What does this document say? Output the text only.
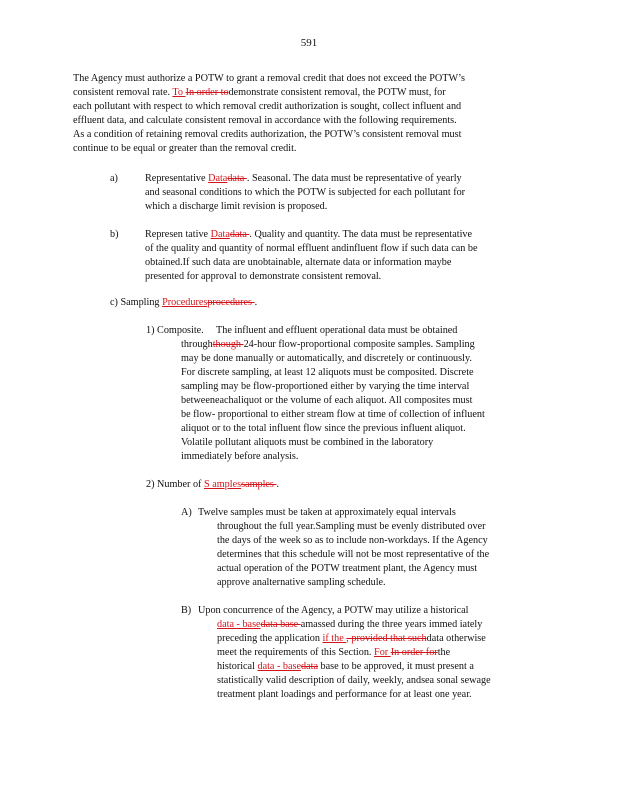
591
The Agency must authorize a POTW to grant a removal credit that does not exceed the POTW’s
consistent removal rate. To In order todemonstrate consistent removal, the POTW must, for
each pollutant with respect to which removal credit authorization is sought, collect influent and
effluent data, and calculate consistent removal in accordance with the following requirements.
As a condition of retaining removal credits authorization, the POTW’s consistent removal must
continue to be equal or greater than the removal credit.
a)	Representative Datadata . Seasonal. The data must be representative of yearly
and seasonal conditions to which the POTW is subjected for each pollutant for
which a discharge limit revision is proposed.
b)	Represen tative Datadata . Quality and quantity. The data must be representative
of the quality and quantity of normal effluent andinfluent flow if such data can be
obtained.If such data are unobtainable, alternate data or information maybe
presented for approval to demonstrate consistent removal.
c) Sampling Proceduresprocedures .
1) Composite. The influent and effluent operational data must be obtained
throughthough 24-hour flow-proportional composite samples. Sampling
may be done manually or automatically, and discretely or continuously.
For discrete sampling, at least 12 aliquots must be composited. Discrete
sampling may be flow-proportioned either by varying the time interval
betweeneachaliquot or the volume of each aliquot. All composites must
be flow- proportional to either stream flow at time of collection of influent
aliquot or to the total influent flow since the previous influent aliquot.
Volatile pollutant aliquots must be combined in the laboratory
immediately before analysis.
2) Number of S amplessamples .
A) Twelve samples must be taken at approximately equal intervals
throughout the full year.Sampling must be evenly distributed over
the days of the week so as to include non-workdays. If the Agency
determines that this schedule will not be most representative of the
actual operation of the POTW treatment plant, the Agency must
approve analternative sampling schedule.
B) Upon concurrence of the Agency, a POTW may utilize a historical
data - basedata base amassed during the three years immed iately
preceding the application if the , provided that suchdata otherwise
meet the requirements of this Section. For In order forthe
historical data - basedata base to be approved, it must present a
statistically valid description of daily, weekly, andsea sonal sewage
treatment plant loadings and performance for at least one year.
